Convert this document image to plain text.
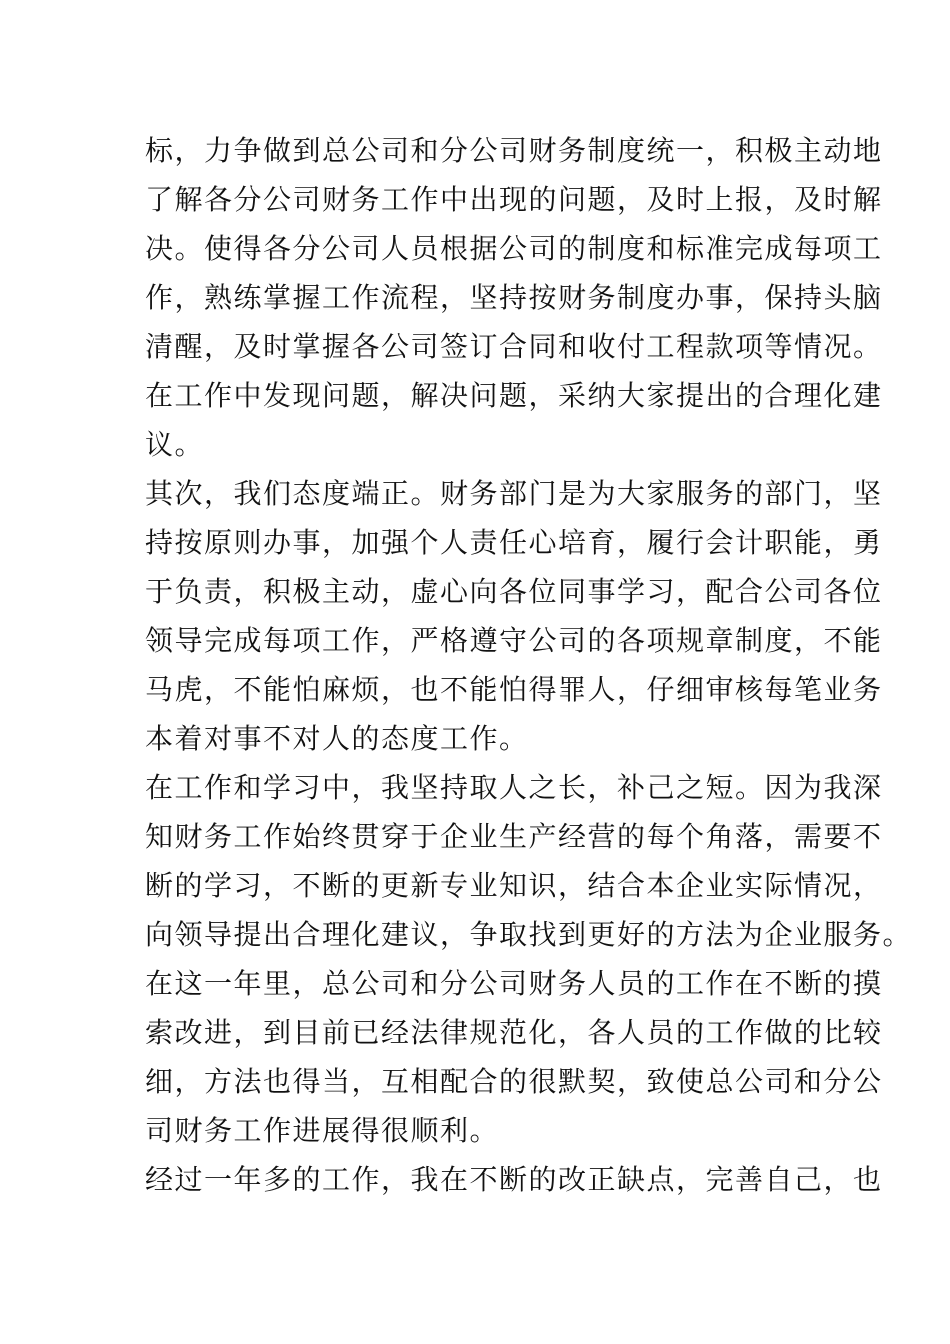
标，力争做到总公司和分公司财务制度统一，积极主动地
了解各分公司财务工作中出现的问题，及时上报，及时解
决。使得各分公司人员根据公司的制度和标准完成每项工
作，熟练掌握工作流程，坚持按财务制度办事，保持头脑
清醒，及时掌握各公司签订合同和收付工程款项等情况。
在工作中发现问题，解决问题，采纳大家提出的合理化建
议。
其次，我们态度端正。财务部门是为大家服务的部门，坚
持按原则办事，加强个人责任心培育，履行会计职能，勇
于负责，积极主动，虚心向各位同事学习，配合公司各位
领导完成每项工作，严格遵守公司的各项规章制度，不能
马虎，不能怕麻烦，也不能怕得罪人，仔细审核每笔业务
本着对事不对人的态度工作。
在工作和学习中，我坚持取人之长，补己之短。因为我深
知财务工作始终贯穿于企业生产经营的每个角落，需要不
断的学习，不断的更新专业知识，结合本企业实际情况，
向领导提出合理化建议，争取找到更好的方法为企业服务。
在这一年里，总公司和分公司财务人员的工作在不断的摸
索改进，到目前已经法律规范化，各人员的工作做的比较
细，方法也得当，互相配合的很默契，致使总公司和分公
司财务工作进展得很顺利。
经过一年多的工作，我在不断的改正缺点，完善自己，也
